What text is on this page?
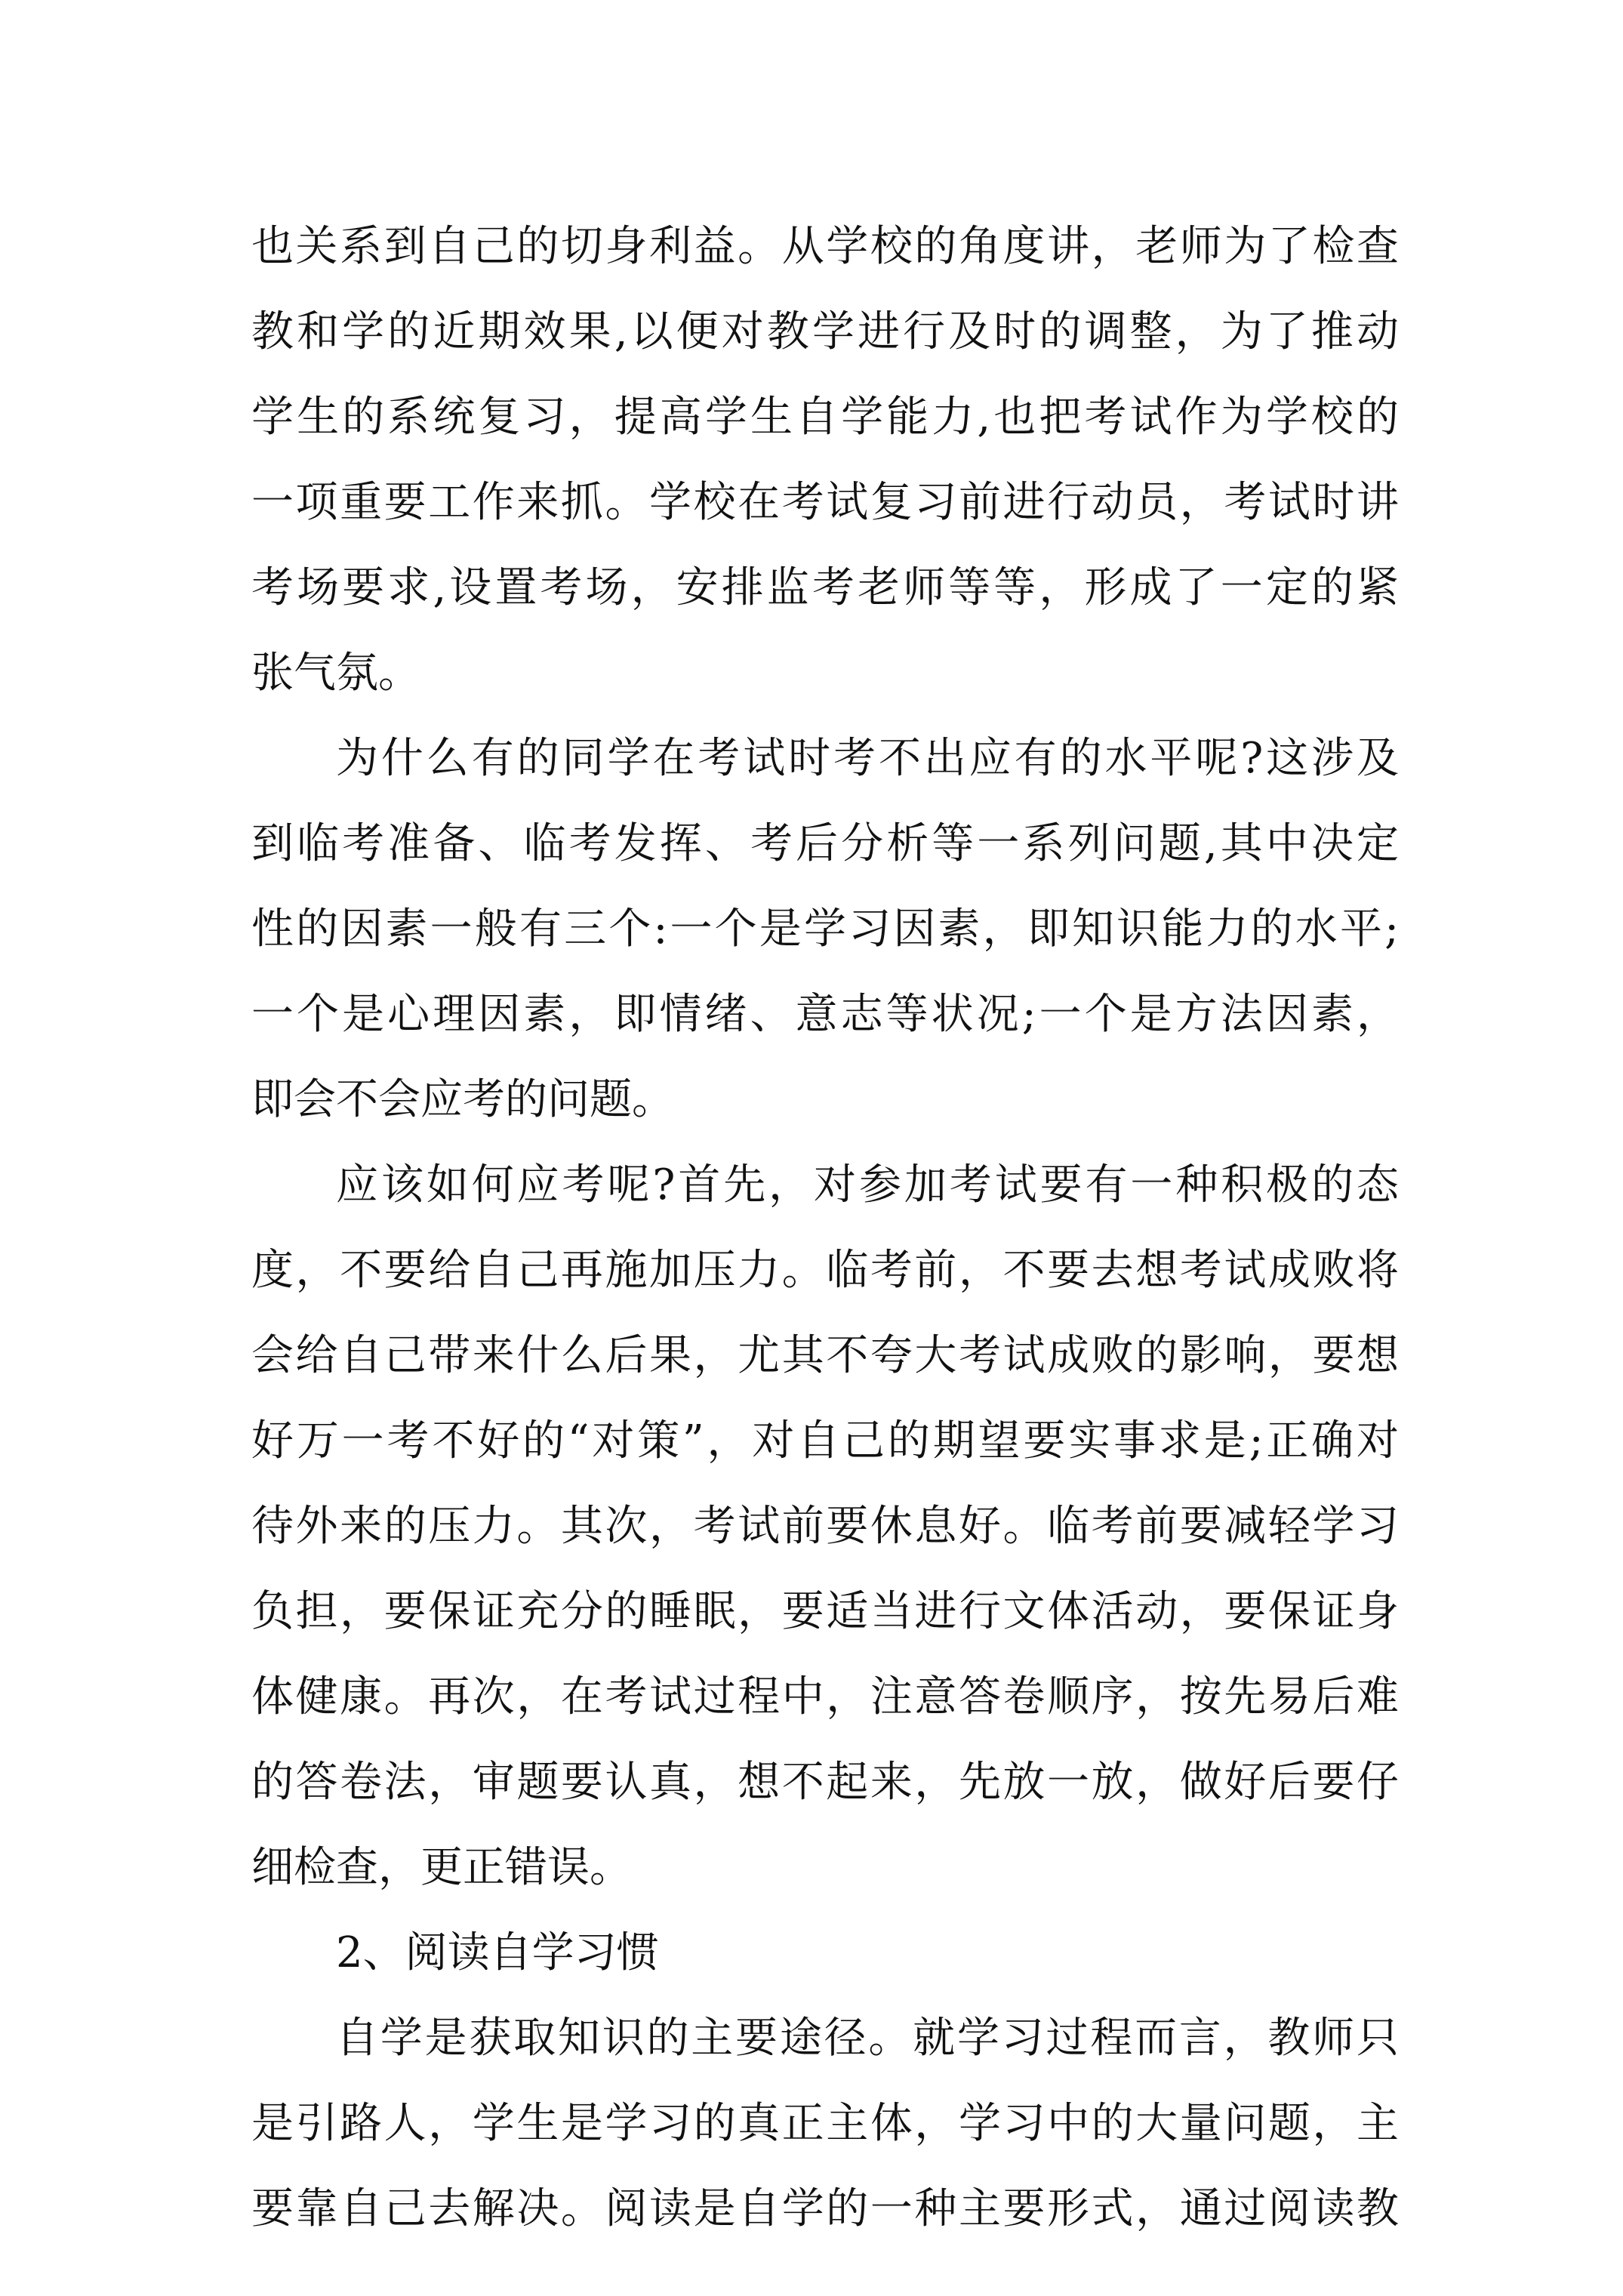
也关系到自己的切身利益。从学校的角度讲，老师为了检查
教和学的近期效果,以便对教学进行及时的调整，为了推动
学生的系统复习，提高学生自学能力,也把考试作为学校的
一项重要工作来抓。学校在考试复习前进行动员，考试时讲
考场要求,设置考场，安排监考老师等等，形成了一定的紧
张气氛。
为什么有的同学在考试时考不出应有的水平呢?这涉及
到临考准备、临考发挥、考后分析等一系列问题,其中决定
性的因素一般有三个:一个是学习因素，即知识能力的水平;
一个是心理因素，即情绪、意志等状况;一个是方法因素，
即会不会应考的问题。
应该如何应考呢?首先，对参加考试要有一种积极的态
度，不要给自己再施加压力。临考前，不要去想考试成败将
会给自己带来什么后果，尤其不夸大考试成败的影响，要想
好万一考不好的“对策”，对自己的期望要实事求是;正确对
待外来的压力。其次，考试前要休息好。临考前要减轻学习
负担，要保证充分的睡眠，要适当进行文体活动，要保证身
体健康。再次，在考试过程中，注意答卷顺序，按先易后难
的答卷法，审题要认真，想不起来，先放一放，做好后要仔
细检查，更正错误。
2、阅读自学习惯
自学是获取知识的主要途径。就学习过程而言，教师只
是引路人，学生是学习的真正主体，学习中的大量问题，主
要靠自己去解决。阅读是自学的一种主要形式，通过阅读教
